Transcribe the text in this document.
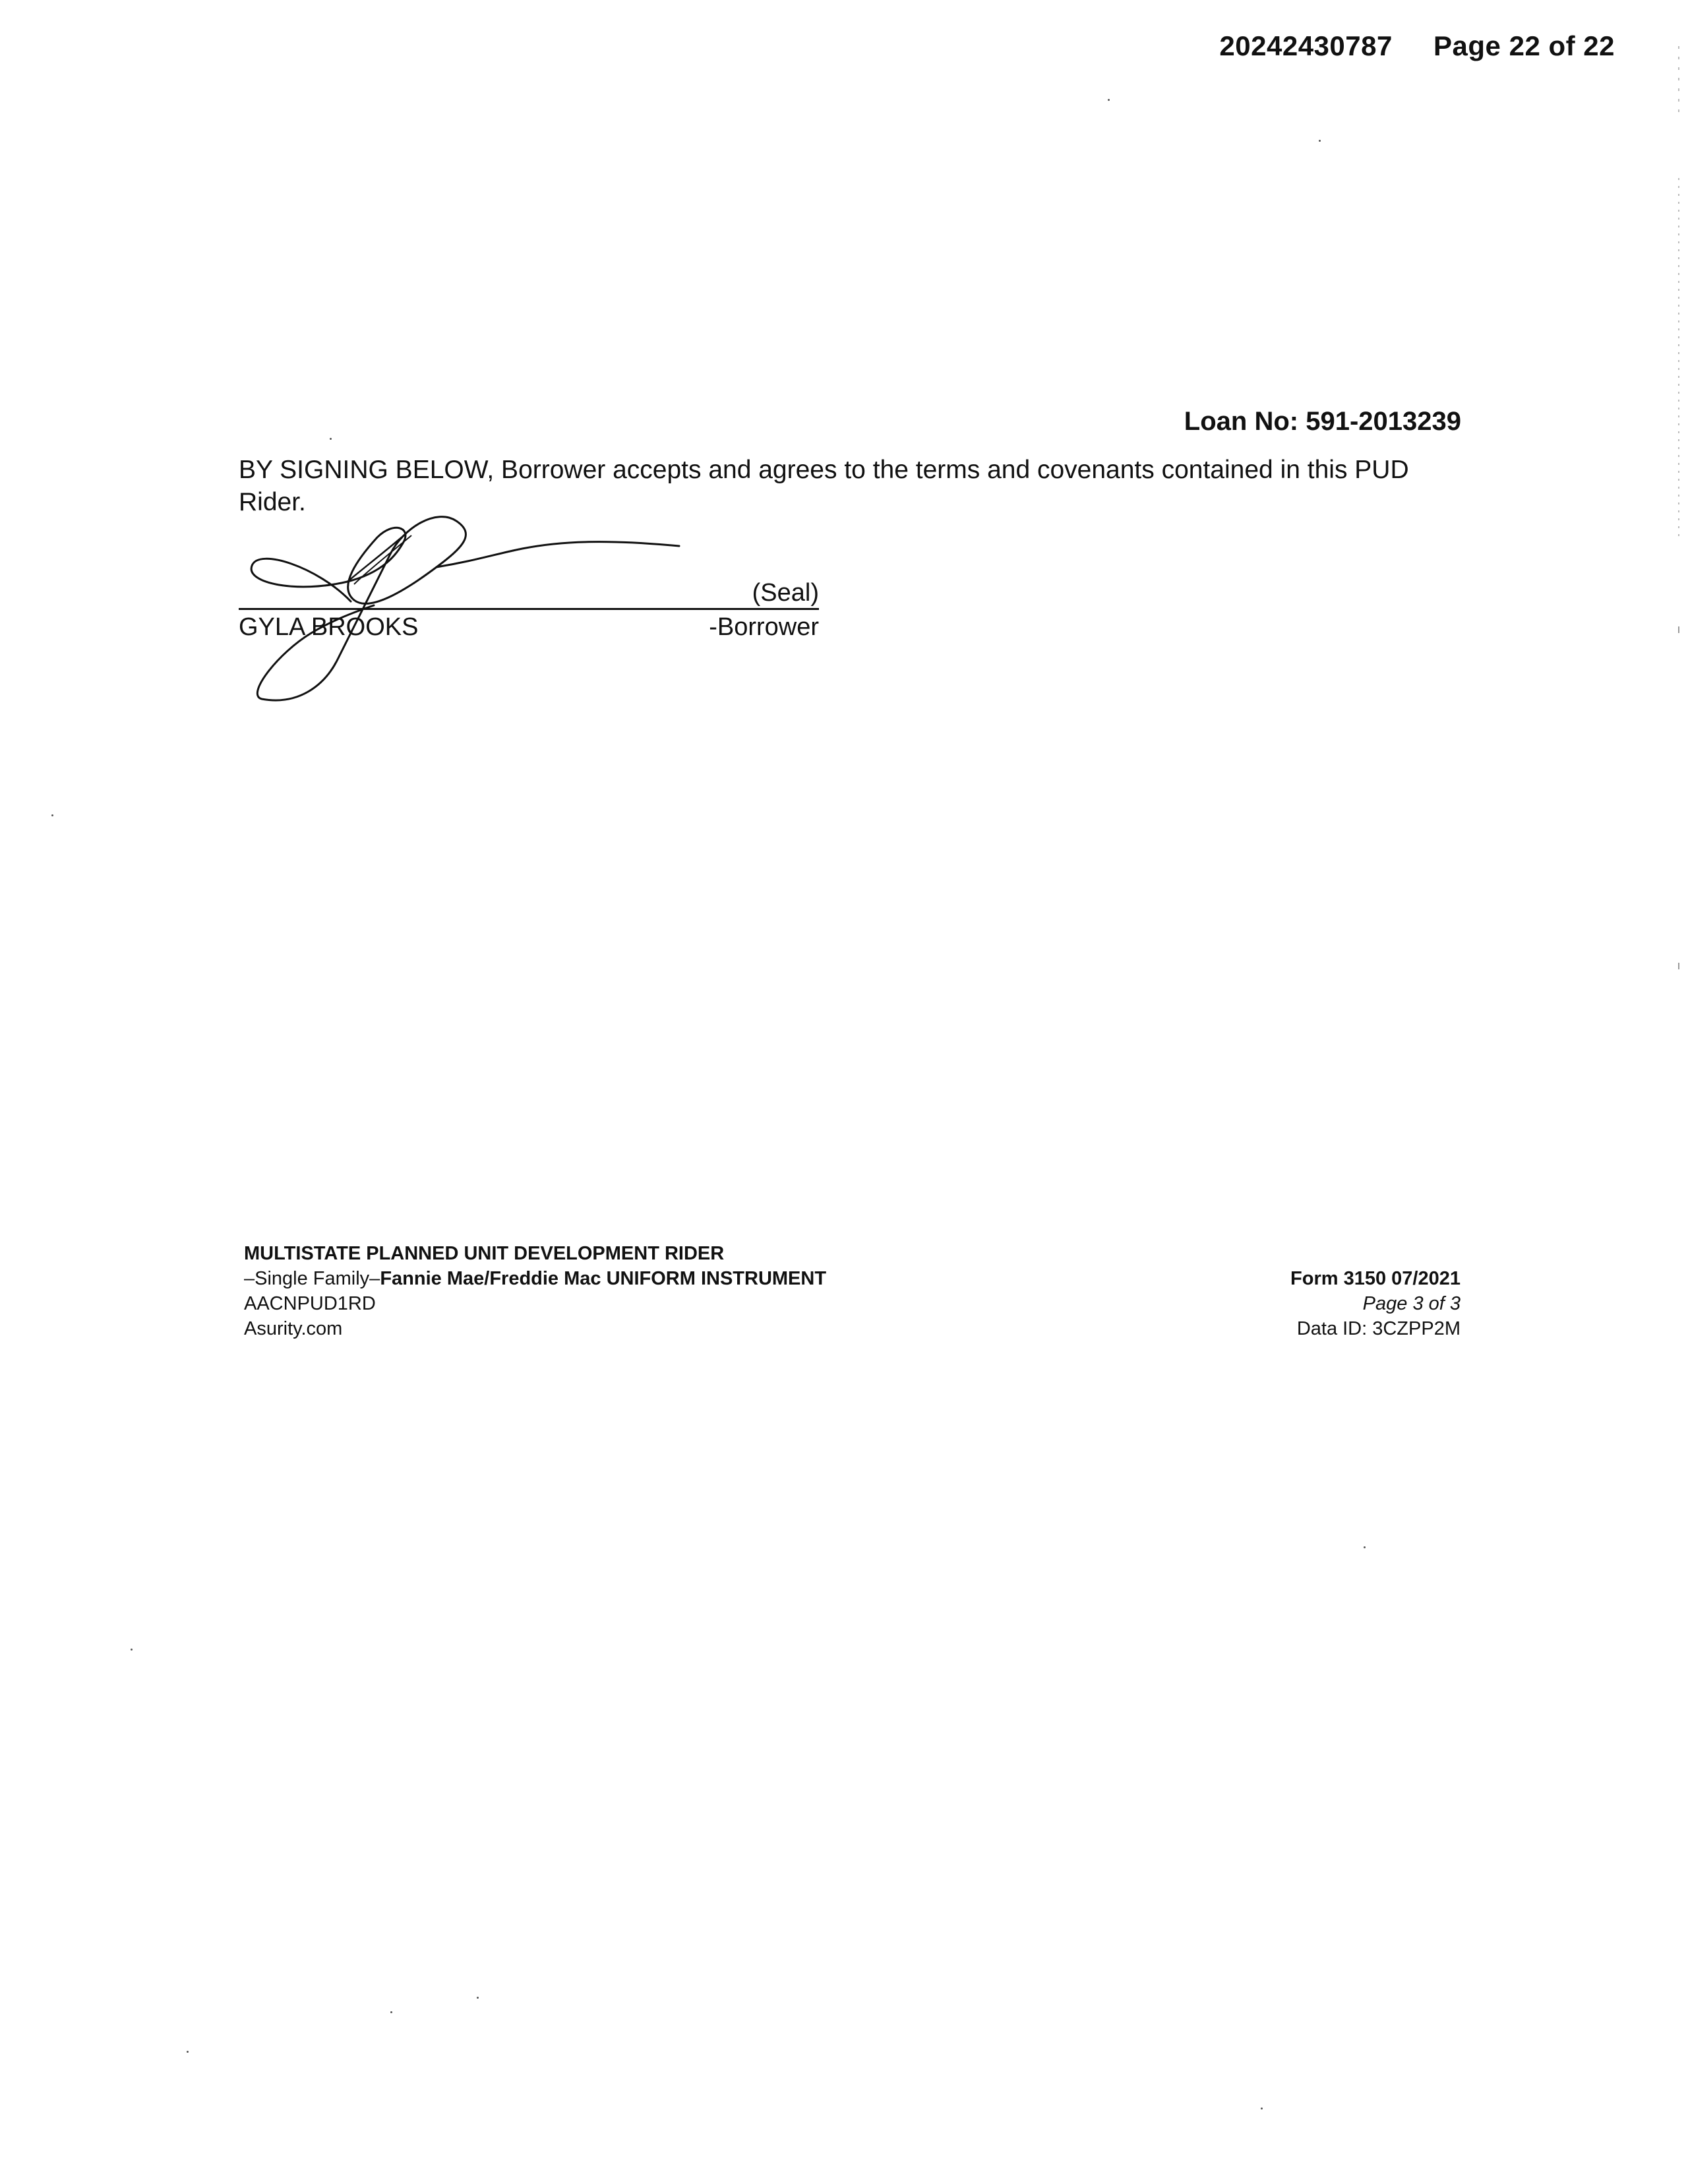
20242430787 Page 22 of 22
Loan No: 591-2013239
BY SIGNING BELOW, Borrower accepts and agrees to the terms and covenants contained in this PUD Rider.
(Seal)
GYLA BROOKS	-Borrower
MULTISTATE PLANNED UNIT DEVELOPMENT RIDER
–Single Family–Fannie Mae/Freddie Mac UNIFORM INSTRUMENT
AACNPUD1RD
Asurity.com
Form 3150 07/2021
Page 3 of 3
Data ID: 3CZPP2M
